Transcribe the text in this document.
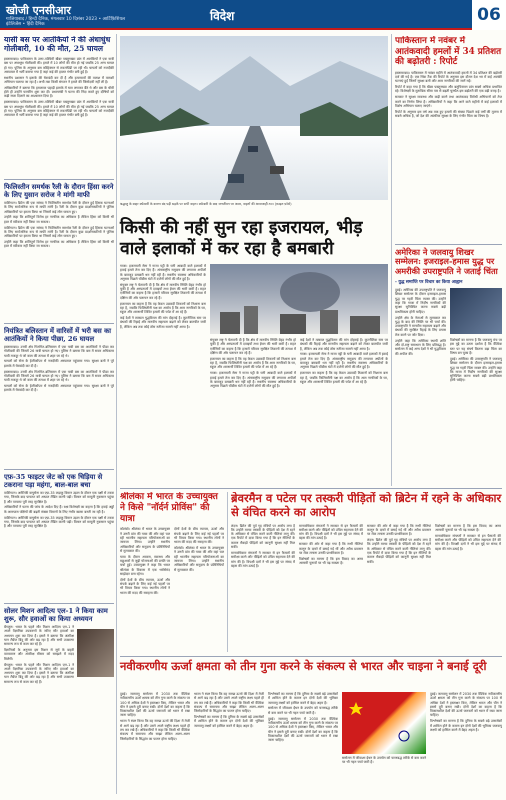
खोजी एनसीआर
गाजियाबाद / हिन्दी दैनिक, मंगलवार 10 दिसंबर 2023 • आर्टिफ़िशियल इंटेलिजेंस • हिंदी दैनिक
विदेश	06
यासी बस पर आतंकियों ने की अंधाधुंध गोलीबारी, 10 की मौत, 25 घायल

इस्लामाबाद। पाकिस्तान के उत्तर-पश्चिमी खैबर पख्तूनख्वा प्रांत में आतंकियों ने एक यात्री बस पर अंधाधुंध गोलीबारी की। हमले में 10 लोगों की मौत हो गई जबकि 25 अन्य घायल हो गए। पुलिस के अनुसार बस कोहिस्तान से रावलपिंडी जा रही थी। घायलों को नजदीकी अस्पताल में भर्ती कराया गया है जहां कई की हालत गंभीर बनी हुई है।

स्थानीय प्रशासन ने इलाके की घेराबंदी कर दी है और हमलावरों की तलाश में तलाशी अभियान चलाया जा रहा है। अभी तक किसी संगठन ने हमले की जिम्मेदारी नहीं ली है।

अधिकारियों ने बताया कि हमलावर पहाड़ी इलाके में घात लगाकर बैठे थे और बस के धीमी होते ही उन्होंने फायरिंग शुरू कर दी। प्रधानमंत्री ने घटना की निंदा करते हुए दोषियों को कड़ी सजा दिलाने का आश्वासन दिया है।

इस्लामाबाद। पाकिस्तान के उत्तर-पश्चिमी खैबर पख्तूनख्वा प्रांत में आतंकियों ने एक यात्री बस पर अंधाधुंध गोलीबारी की। हमले में 10 लोगों की मौत हो गई जबकि 25 अन्य घायल हो गए। पुलिस के अनुसार बस कोहिस्तान से रावलपिंडी जा रही थी। घायलों को नजदीकी अस्पताल में भर्ती कराया गया है जहां कई की हालत गंभीर बनी हुई है।

फिलिस्तीन समर्थक रैली के दौरान हिंसा करने के लिए युसान सरोज ने मांगी माफी

वाशिंगटन। ब्रिटेन की एक सांसद ने फिलिस्तीन समर्थक रैली के दौरान हुई हिंसक घटनाओं के लिए सार्वजनिक रूप से माफी मांगी है। रैली के दौरान कुछ प्रदर्शनकारियों ने पुलिस अधिकारियों पर हमला किया था जिसमें कई लोग घायल हुए।

उन्होंने कहा कि शांतिपूर्ण विरोध हर नागरिक का अधिकार है लेकिन हिंसा को किसी भी हाल में स्वीकार नहीं किया जा सकता।

वाशिंगटन। ब्रिटेन की एक सांसद ने फिलिस्तीन समर्थक रैली के दौरान हुई हिंसक घटनाओं के लिए सार्वजनिक रूप से माफी मांगी है। रैली के दौरान कुछ प्रदर्शनकारियों ने पुलिस अधिकारियों पर हमला किया था जिसमें कई लोग घायल हुए।

उन्होंने कहा कि शांतिपूर्ण विरोध हर नागरिक का अधिकार है लेकिन हिंसा को किसी भी हाल में स्वीकार नहीं किया जा सकता।

नियंत्रित बलिस्तान में वारिसों में भरी बस का आतंकियों ने किया पीछा, 26 घायल

इस्लामाबाद। उत्तरी क्षेत्र गिलगित-बलिस्तान में एक यात्री बस का आतंकियों ने पीछा कर गोलीबारी की जिसमें 26 यात्री घायल हो गए। पुलिस ने बताया कि बस में सवार अधिकतर यात्री मजदूर थे जो काम की तलाश में शहर जा रहे थे।

घायलों को सेना के हेलीकॉप्टर से नजदीकी अस्पताल पहुंचाया गया। सुरक्षा बलों ने पूरे इलाके में घेराबंदी कर दी है।

इस्लामाबाद। उत्तरी क्षेत्र गिलगित-बलिस्तान में एक यात्री बस का आतंकियों ने पीछा कर गोलीबारी की जिसमें 26 यात्री घायल हो गए। पुलिस ने बताया कि बस में सवार अधिकतर यात्री मजदूर थे जो काम की तलाश में शहर जा रहे थे।

घायलों को सेना के हेलीकॉप्टर से नजदीकी अस्पताल पहुंचाया गया। सुरक्षा बलों ने पूरे इलाके में घेराबंदी कर दी है।

एफ़-35 फाइटर जेट को एक चिड़िया से टकराना पड़ा महंगा, बाल-बाल बचा

वाशिंगटन। अमेरिकी वायुसेना का एफ़-35 लड़ाकू विमान उड़ान के दौरान एक पक्षी से टकरा गया, जिसके बाद पायलट को आपात लैंडिंग करनी पड़ी। विमान को मामूली नुकसान पहुंचा है और पायलट पूरी तरह सुरक्षित है।

अधिकारियों ने घटना की जांच के आदेश दिए हैं। रक्षा विशेषज्ञों का कहना है कि हवाई अड्डों के आसपास पक्षियों की बढ़ती संख्या विमानों के लिए गंभीर खतरा बनती जा रही है।

वाशिंगटन। अमेरिकी वायुसेना का एफ़-35 लड़ाकू विमान उड़ान के दौरान एक पक्षी से टकरा गया, जिसके बाद पायलट को आपात लैंडिंग करनी पड़ी। विमान को मामूली नुकसान पहुंचा है और पायलट पूरी तरह सुरक्षित है।

सोलर मिशन आदित्य एल-1 ने किया काम शुरू, सौर हवाओं का किया अध्ययन

बेंगलुरु। भारत के पहले सौर मिशन आदित्य एल-1 ने अपने वैज्ञानिक उपकरणों के जरिए सौर हवाओं का अध्ययन शुरू कर दिया है। इसरो ने बताया कि अंतरिक्ष यान लैग्रेंज बिंदु की ओर बढ़ रहा है और सभी उपकरण सामान्य रूप से काम कर रहे हैं।

वैज्ञानिकों के अनुसार इस मिशन से सूर्य के बाहरी वातावरण और अंतरिक्ष मौसम को समझने में मदद मिलेगी।

बेंगलुरु। भारत के पहले सौर मिशन आदित्य एल-1 ने अपने वैज्ञानिक उपकरणों के जरिए सौर हवाओं का अध्ययन शुरू कर दिया है। इसरो ने बताया कि अंतरिक्ष यान लैग्रेंज बिंदु की ओर बढ़ रहा है और सभी उपकरण सामान्य रूप से काम कर रहे हैं।

श्रद्धालु के बाहर बर्फबारी के कारण बंद पड़ी सड़कें पर सभी वाहन। बर्फबारी के बाद जनजीवन पर असर, वाहनों की आवाजाही ठप। (फ़ाइल फ़ोटो)
किसी की नहीं सुन रहा इजरायल, भीड़ वाले इलाकों में कर रहा है बमबारी

गाजा। इजरायली सेना ने गाजा पट्टी के घनी आबादी वाले इलाकों में हवाई हमले तेज कर दिए हैं। अंतरराष्ट्रीय समुदाय की लगातार अपीलों के बावजूद बमबारी थम नहीं रही है। स्थानीय स्वास्थ्य अधिकारियों के अनुसार पिछले चौबीस घंटों में दर्जनों लोगों की मौत हुई है।

संयुक्त राष्ट्र ने चेतावनी दी है कि क्षेत्र में मानवीय स्थिति बेहद गंभीर हो चुकी है और अस्पतालों में दवाइयों तथा ईंधन की भारी कमी है। राहत एजेंसियों का कहना है कि हजारों परिवार सुरक्षित ठिकानों की तलाश में दक्षिण की ओर पलायन कर रहे हैं।

इजरायल का कहना है कि वह केवल उग्रवादी ठिकानों को निशाना बना रहा है, जबकि फिलिस्तीनी पक्ष का आरोप है कि आम नागरिकों के घर, स्कूल और शरणार्थी शिविर हमलों की चपेट में आ रहे हैं।

कई देशों ने तत्काल युद्धविराम की मांग दोहराई है। कूटनीतिक स्तर पर बंधकों की रिहाई और मानवीय सहायता बढ़ाने को लेकर बातचीत जारी है, लेकिन अब तक कोई ठोस नतीजा सामने नहीं आया है।

संयुक्त राष्ट्र ने चेतावनी दी है कि क्षेत्र में मानवीय स्थिति बेहद गंभीर हो चुकी है और अस्पतालों में दवाइयों तथा ईंधन की भारी कमी है। राहत एजेंसियों का कहना है कि हजारों परिवार सुरक्षित ठिकानों की तलाश में दक्षिण की ओर पलायन कर रहे हैं।

इजरायल का कहना है कि वह केवल उग्रवादी ठिकानों को निशाना बना रहा है, जबकि फिलिस्तीनी पक्ष का आरोप है कि आम नागरिकों के घर, स्कूल और शरणार्थी शिविर हमलों की चपेट में आ रहे हैं।

गाजा। इजरायली सेना ने गाजा पट्टी के घनी आबादी वाले इलाकों में हवाई हमले तेज कर दिए हैं। अंतरराष्ट्रीय समुदाय की लगातार अपीलों के बावजूद बमबारी थम नहीं रही है। स्थानीय स्वास्थ्य अधिकारियों के अनुसार पिछले चौबीस घंटों में दर्जनों लोगों की मौत हुई है।

कई देशों ने तत्काल युद्धविराम की मांग दोहराई है। कूटनीतिक स्तर पर बंधकों की रिहाई और मानवीय सहायता बढ़ाने को लेकर बातचीत जारी है, लेकिन अब तक कोई ठोस नतीजा सामने नहीं आया है।

गाजा। इजरायली सेना ने गाजा पट्टी के घनी आबादी वाले इलाकों में हवाई हमले तेज कर दिए हैं। अंतरराष्ट्रीय समुदाय की लगातार अपीलों के बावजूद बमबारी थम नहीं रही है। स्थानीय स्वास्थ्य अधिकारियों के अनुसार पिछले चौबीस घंटों में दर्जनों लोगों की मौत हुई है।

इजरायल का कहना है कि वह केवल उग्रवादी ठिकानों को निशाना बना रहा है, जबकि फिलिस्तीनी पक्ष का आरोप है कि आम नागरिकों के घर, स्कूल और शरणार्थी शिविर हमलों की चपेट में आ रहे हैं।

श्रीलंका में भारत के उच्चायुक्त ने किसे "नॉर्दर्न प्रोविंस" की यात्रा

कोलंबो। श्रीलंका में भारत के उच्चायुक्त ने उत्तरी प्रांत की यात्रा की और वहां चल रही भारतीय सहायता परियोजनाओं का जायजा लिया। उन्होंने स्थानीय अधिकारियों और समुदाय के प्रतिनिधियों से मुलाकात की।

यात्रा के दौरान आवास, स्वास्थ्य और मछुआरों से जुड़ी योजनाओं की प्रगति पर चर्चा हुई। उच्चायुक्त ने कहा कि भारत श्रीलंका के विकास में एक भरोसेमंद साझेदार बना रहेगा।

दोनों देशों के बीच व्यापार, ऊर्जा और संपर्क बढ़ाने के लिए कई नई पहलों पर भी विचार किया गया। स्थानीय लोगों ने भारत की मदद की सराहना की।

दोनों देशों के बीच व्यापार, ऊर्जा और संपर्क बढ़ाने के लिए कई नई पहलों पर भी विचार किया गया। स्थानीय लोगों ने भारत की मदद की सराहना की।

कोलंबो। श्रीलंका में भारत के उच्चायुक्त ने उत्तरी प्रांत की यात्रा की और वहां चल रही भारतीय सहायता परियोजनाओं का जायजा लिया। उन्होंने स्थानीय अधिकारियों और समुदाय के प्रतिनिधियों से मुलाकात की।

ब्रेवरमैन व पटेल पर तस्करी पीड़ितों को ब्रिटेन में रहने के अधिकार से वंचित करने का आरोप

लंदन। ब्रिटेन की पूर्व गृह मंत्रियों पर आरोप लगा है कि उन्होंने मानव तस्करी के पीड़ितों को देश में रहने के अधिकार से वंचित करने वाली नीतियां लागू कीं। एक रिपोर्ट में दावा किया गया है कि इन नीतियों के कारण सैकड़ों पीड़ितों को कानूनी सुरक्षा नहीं मिल सकी।

मानवाधिकार संगठनों ने सरकार से इन फैसलों की समीक्षा करने और पीड़ितों को उचित सहायता देने की मांग की है। विपक्षी दलों ने भी इस मुद्दे पर संसद में बहस की मांग उठाई है।

मानवाधिकार संगठनों ने सरकार से इन फैसलों की समीक्षा करने और पीड़ितों को उचित सहायता देने की मांग की है। विपक्षी दलों ने भी इस मुद्दे पर संसद में बहस की मांग उठाई है।

सरकार की ओर से कहा गया है कि सभी नीतियां कानून के दायरे में बनाई गई थीं और अवैध प्रवासन पर रोक लगाना उनकी प्राथमिकता है।

विशेषज्ञों का मानना है कि इस विवाद का असर आगामी चुनावों पर भी पड़ सकता है।

सरकार की ओर से कहा गया है कि सभी नीतियां कानून के दायरे में बनाई गई थीं और अवैध प्रवासन पर रोक लगाना उनकी प्राथमिकता है।

लंदन। ब्रिटेन की पूर्व गृह मंत्रियों पर आरोप लगा है कि उन्होंने मानव तस्करी के पीड़ितों को देश में रहने के अधिकार से वंचित करने वाली नीतियां लागू कीं। एक रिपोर्ट में दावा किया गया है कि इन नीतियों के कारण सैकड़ों पीड़ितों को कानूनी सुरक्षा नहीं मिल सकी।

विशेषज्ञों का मानना है कि इस विवाद का असर आगामी चुनावों पर भी पड़ सकता है।

मानवाधिकार संगठनों ने सरकार से इन फैसलों की समीक्षा करने और पीड़ितों को उचित सहायता देने की मांग की है। विपक्षी दलों ने भी इस मुद्दे पर संसद में बहस की मांग उठाई है।

नवीकरणीय ऊर्जा क्षमता को तीन गुना करने के संकल्प से भारत और चाइना ने बनाई दूरी

दुबई। जलवायु सम्मेलन में 2030 तक वैश्विक नवीकरणीय ऊर्जा क्षमता को तीन गुना करने के संकल्प पर 100 से अधिक देशों ने हस्ताक्षर किए, लेकिन भारत और चीन ने इससे दूरी बनाए रखी। दोनों देशों का कहना है कि विकासशील देशों की ऊर्जा जरूरतों को ध्यान में रखा जाना चाहिए।

भारत ने स्पष्ट किया कि वह स्वच्छ ऊर्जा की दिशा में तेजी से आगे बढ़ रहा है और उसने अपने राष्ट्रीय लक्ष्य पहले ही तय कर रखे हैं। अधिकारियों ने कहा कि किसी भी वैश्विक संकल्प में समानता और साझा लेकिन अलग-अलग जिम्मेदारियों के सिद्धांत का पालन होना चाहिए।

भारत ने स्पष्ट किया कि वह स्वच्छ ऊर्जा की दिशा में तेजी से आगे बढ़ रहा है और उसने अपने राष्ट्रीय लक्ष्य पहले ही तय कर रखे हैं। अधिकारियों ने कहा कि किसी भी वैश्विक संकल्प में समानता और साझा लेकिन अलग-अलग जिम्मेदारियों के सिद्धांत का पालन होना चाहिए।

विश्लेषकों का मानना है कि दुनिया के सबसे बड़े उत्सर्जकों में शामिल होने के कारण इन दोनों देशों की भूमिका जलवायु लक्ष्यों को हासिल करने में बेहद अहम है।

विश्लेषकों का मानना है कि दुनिया के सबसे बड़े उत्सर्जकों में शामिल होने के कारण इन दोनों देशों की भूमिका जलवायु लक्ष्यों को हासिल करने में बेहद अहम है।

सम्मेलन में जीवाश्म ईंधन के उपयोग को चरणबद्ध तरीके से कम करने पर भी गहन चर्चा जारी है।

दुबई। जलवायु सम्मेलन में 2030 तक वैश्विक नवीकरणीय ऊर्जा क्षमता को तीन गुना करने के संकल्प पर 100 से अधिक देशों ने हस्ताक्षर किए, लेकिन भारत और चीन ने इससे दूरी बनाए रखी। दोनों देशों का कहना है कि विकासशील देशों की ऊर्जा जरूरतों को ध्यान में रखा जाना चाहिए।

सम्मेलन में जीवाश्म ईंधन के उपयोग को चरणबद्ध तरीके से कम करने पर भी गहन चर्चा जारी है।

दुबई। जलवायु सम्मेलन में 2030 तक वैश्विक नवीकरणीय ऊर्जा क्षमता को तीन गुना करने के संकल्प पर 100 से अधिक देशों ने हस्ताक्षर किए, लेकिन भारत और चीन ने इससे दूरी बनाए रखी। दोनों देशों का कहना है कि विकासशील देशों की ऊर्जा जरूरतों को ध्यान में रखा जाना चाहिए।

विश्लेषकों का मानना है कि दुनिया के सबसे बड़े उत्सर्जकों में शामिल होने के कारण इन दोनों देशों की भूमिका जलवायु लक्ष्यों को हासिल करने में बेहद अहम है।

पाकिस्तान में नवंबर में आतंकवादी हमलों में 34 प्रतिशत की बढ़ोतरी : रिपोर्ट

इस्लामाबाद। पाकिस्तान में नवंबर महीने में आतंकवादी हमलों में 34 प्रतिशत की बढ़ोतरी दर्ज की गई है। एक थिंक टैंक की रिपोर्ट के अनुसार इस दौरान देश भर में कई आतंकी घटनाएं हुईं जिनमें सुरक्षा बलों और आम नागरिकों की जानें गईं।

रिपोर्ट में कहा गया है कि खैबर पख्तूनख्वा और बलूचिस्तान प्रांत सबसे अधिक प्रभावित रहे। विशेषज्ञों के मुताबिक सीमा पार से बढ़ती घुसपैठ इस बढ़ोतरी की एक बड़ी वजह है।

सरकार ने सुरक्षा व्यवस्था और कड़ी करने तथा आतंकवाद विरोधी अभियानों को तेज करने का निर्णय लिया है। अधिकारियों ने कहा कि आने वाले महीनों में कई इलाकों में विशेष अभियान चलाए जाएंगे।

रिपोर्ट के अनुसार इस वर्ष अब तक हुए हमलों की संख्या पिछले कई वर्षों की तुलना में सबसे अधिक है, जो देश की आंतरिक सुरक्षा के लिए गंभीर चिंता का विषय है।

अमेरिका ने जलवायु शिखर सम्मेलन: इजराइल-हमास युद्ध पर अमरीकी उपराष्ट्रपति ने जताई चिंता
- युद्ध समाप्ति पर विचार का किया आह्वान

दुबई। अमेरिका की उपराष्ट्रपति ने जलवायु शिखर सम्मेलन के दौरान इजराइल-हमास युद्ध पर गहरी चिंता व्यक्त की। उन्होंने कहा कि गाजा में निर्दोष नागरिकों की सुरक्षा सुनिश्चित करना सबसे बड़ी प्राथमिकता होनी चाहिए।

उन्होंने क्षेत्र के नेताओं से मुलाकात कर युद्ध के बाद की स्थिति पर भी चर्चा की। उपराष्ट्रपति ने मानवीय सहायता बढ़ाने और बंधकों की सुरक्षित रिहाई के लिए प्रयास तेज करने पर जोर दिया।

उन्होंने कहा कि अमेरिका स्थायी शांति और दो-राष्ट्र समाधान के लिए प्रतिबद्ध है। सम्मेलन में कई अन्य देशों ने भी युद्धविराम की अपील की।

विशेषज्ञों का मानना है कि जलवायु मंच पर इस मुद्दे का उठना दर्शाता है कि वैश्विक स्तर पर यह संघर्ष कितना बड़ा चिंता का विषय बन चुका है।

दुबई। अमेरिका की उपराष्ट्रपति ने जलवायु शिखर सम्मेलन के दौरान इजराइल-हमास युद्ध पर गहरी चिंता व्यक्त की। उन्होंने कहा कि गाजा में निर्दोष नागरिकों की सुरक्षा सुनिश्चित करना सबसे बड़ी प्राथमिकता होनी चाहिए।
